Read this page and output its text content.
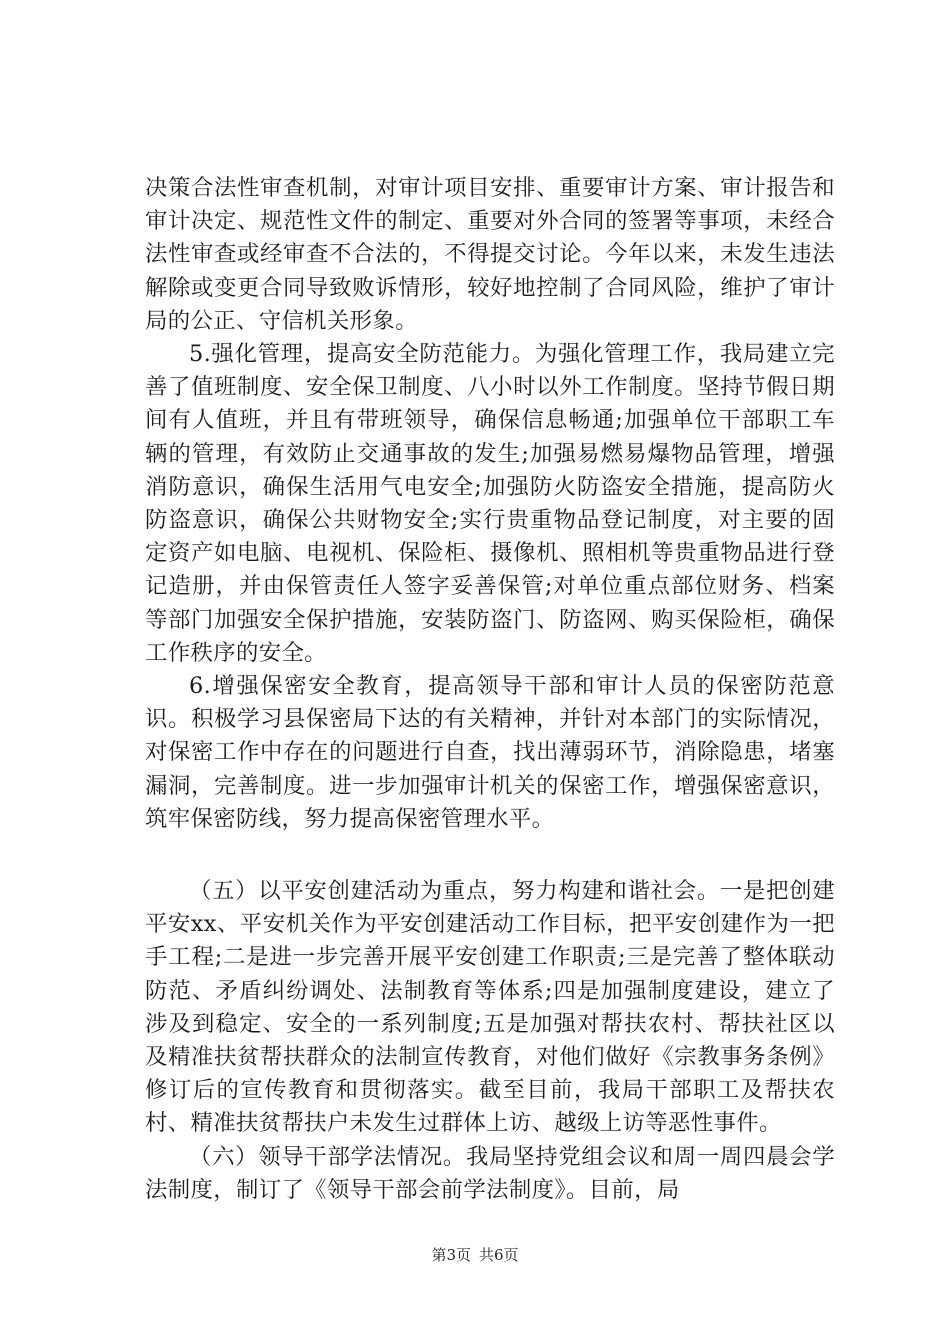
决策合法性审查机制，对审计项目安排、重要审计方案、审计报告和审计决定、规范性文件的制定、重要对外合同的签署等事项，未经合法性审查或经审查不合法的，不得提交讨论。今年以来，未发生违法解除或变更合同导致败诉情形，较好地控制了合同风险，维护了审计局的公正、守信机关形象。

5.强化管理，提高安全防范能力。为强化管理工作，我局建立完善了值班制度、安全保卫制度、八小时以外工作制度。坚持节假日期间有人值班，并且有带班领导，确保信息畅通;加强单位干部职工车辆的管理，有效防止交通事故的发生;加强易燃易爆物品管理，增强消防意识，确保生活用气电安全;加强防火防盗安全措施，提高防火防盗意识，确保公共财物安全;实行贵重物品登记制度，对主要的固定资产如电脑、电视机、保险柜、摄像机、照相机等贵重物品进行登记造册，并由保管责任人签字妥善保管;对单位重点部位财务、档案等部门加强安全保护措施，安装防盗门、防盗网、购买保险柜，确保工作秩序的安全。

6.增强保密安全教育，提高领导干部和审计人员的保密防范意识。积极学习县保密局下达的有关精神，并针对本部门的实际情况，对保密工作中存在的问题进行自查，找出薄弱环节，消除隐患，堵塞漏洞，完善制度。进一步加强审计机关的保密工作，增强保密意识，筑牢保密防线，努力提高保密管理水平。

（五）以平安创建活动为重点，努力构建和谐社会。一是把创建平安xx、平安机关作为平安创建活动工作目标，把平安创建作为一把手工程;二是进一步完善开展平安创建工作职责;三是完善了整体联动防范、矛盾纠纷调处、法制教育等体系;四是加强制度建设，建立了涉及到稳定、安全的一系列制度;五是加强对帮扶农村、帮扶社区以及精准扶贫帮扶群众的法制宣传教育，对他们做好《宗教事务条例》修订后的宣传教育和贯彻落实。截至目前，我局干部职工及帮扶农村、精准扶贫帮扶户未发生过群体上访、越级上访等恶性事件。

（六）领导干部学法情况。我局坚持党组会议和周一周四晨会学法制度，制订了《领导干部会前学法制度》。目前，局

第3页 共6页
